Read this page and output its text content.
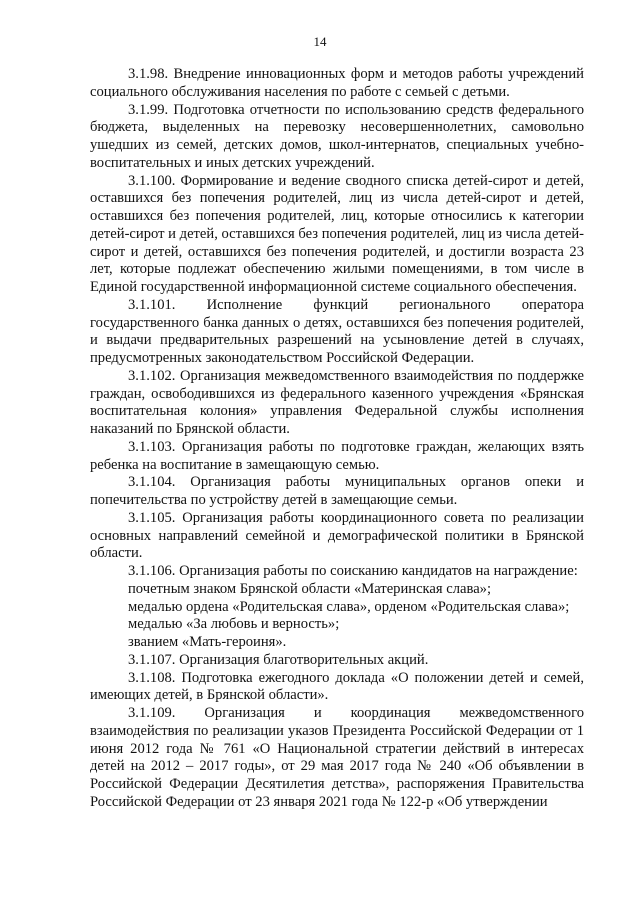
14

3.1.98. Внедрение инновационных форм и методов работы учреждений социального обслуживания населения по работе с семьей с детьми.

3.1.99. Подготовка отчетности по использованию средств федерального бюджета, выделенных на перевозку несовершеннолетних, самовольно ушедших из семей, детских домов, школ-интернатов, специальных учебно-воспитательных и иных детских учреждений.

3.1.100. Формирование и ведение сводного списка детей-сирот и детей, оставшихся без попечения родителей, лиц из числа детей-сирот и детей, оставшихся без попечения родителей, лиц, которые относились к категории детей-сирот и детей, оставшихся без попечения родителей, лиц из числа детей-сирот и детей, оставшихся без попечения родителей, и достигли возраста 23 лет, которые подлежат обеспечению жилыми помещениями, в том числе в Единой государственной информационной системе социального обеспечения.

3.1.101. Исполнение функций регионального оператора государственного банка данных о детях, оставшихся без попечения родителей, и выдачи предварительных разрешений на усыновление детей в случаях, предусмотренных законодательством Российской Федерации.

3.1.102. Организация межведомственного взаимодействия по поддержке граждан, освободившихся из федерального казенного учреждения «Брянская воспитательная колония» управления Федеральной службы исполнения наказаний по Брянской области.

3.1.103. Организация работы по подготовке граждан, желающих взять ребенка на воспитание в замещающую семью.

3.1.104. Организация работы муниципальных органов опеки и попечительства по устройству детей в замещающие семьи.

3.1.105. Организация работы координационного совета по реализации основных направлений семейной и демографической политики в Брянской области.

3.1.106. Организация работы по соисканию кандидатов на награждение:

почетным знаком Брянской области «Материнская слава»;

медалью ордена «Родительская слава», орденом «Родительская слава»;

медалью «За любовь и верность»;

званием «Мать-героиня».

3.1.107. Организация благотворительных акций.

3.1.108. Подготовка ежегодного доклада «О положении детей и семей, имеющих детей, в Брянской области».

3.1.109. Организация и координация межведомственного взаимодействия по реализации указов Президента Российской Федерации от 1 июня 2012 года № 761 «О Национальной стратегии действий в интересах детей на 2012 – 2017 годы», от 29 мая 2017 года № 240 «Об объявлении в Российской Федерации Десятилетия детства», распоряжения Правительства Российской Федерации от 23 января 2021 года № 122-р «Об утверждении
